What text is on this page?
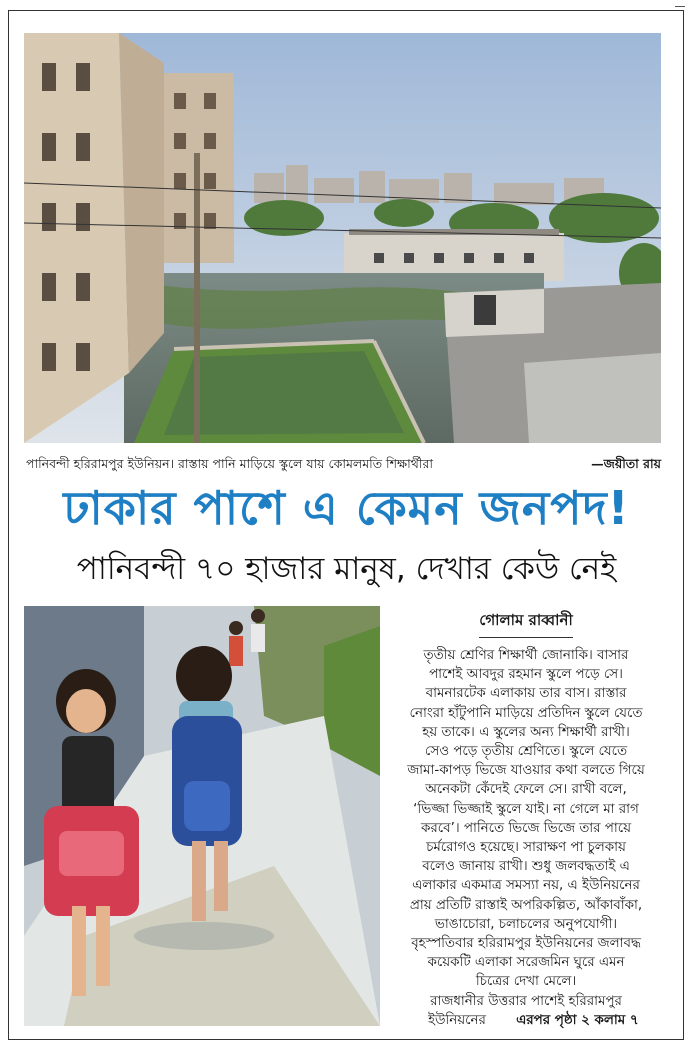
পানিবন্দী হরিরামপুর ইউনিয়ন। রাস্তায় পানি মাড়িয়ে স্কুলে যায় কোমলমতি শিক্ষার্থীরা	—জয়ীতা রায়
ঢাকার পাশে এ কেমন জনপদ!
পানিবন্দী ৭০ হাজার মানুষ, দেখার কেউ নেই
গোলাম রাব্বানী

তৃতীয় শ্রেণির শিক্ষার্থী জোনাকি। বাসার

পাশেই আবদুর রহমান স্কুলে পড়ে সে।

বামনারটেক এলাকায় তার বাস। রাস্তার

নোংরা হাঁটুপানি মাড়িয়ে প্রতিদিন স্কুলে যেতে

হয় তাকে। এ স্কুলের অন্য শিক্ষার্থী রাখী।

সেও পড়ে তৃতীয় শ্রেণিতে। স্কুলে যেতে

জামা-কাপড় ভিজে যাওয়ার কথা বলতে গিয়ে

অনেকটা কেঁদেই ফেলে সে। রাখী বলে,

‘ভিজ্জা ভিজ্জাই স্কুলে যাই। না গেলে মা রাগ

করবে’। পানিতে ভিজে ভিজে তার পায়ে

চর্মরোগও হয়েছে। সারাক্ষণ পা চুলকায়

বলেও জানায় রাখী। শুধু জলবদ্ধতাই এ

এলাকার একমাত্র সমস্যা নয়, এ ইউনিয়নের

প্রায় প্রতিটি রাস্তাই অপরিকল্পিত, আঁকাবাঁকা,

ভাঙাচোরা, চলাচলের অনুপযোগী।

বৃহস্পতিবার হরিরামপুর ইউনিয়নের জলাবদ্ধ

কয়েকটি এলাকা সরেজমিন ঘুরে এমন

চিত্রের দেখা মেলে।

রাজধানীর উত্তরার পাশেই হরিরামপুর

ইউনিয়নের এরপর পৃষ্ঠা ২ কলাম ৭
